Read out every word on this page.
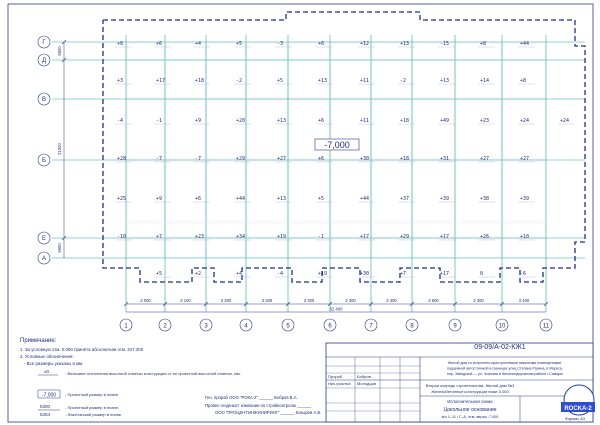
+8	+6	+4	+5	-3	+6	+12	+13	-15	+8	+44
+3	+17	+18	-2	+5	+13	+11	-2	+13	+14	+8
-4	-1	+9	+20	+13	+6	+11	+18	+49	+23	+24	+24
+28	-7	-7	+29	+27	+6	+30	+18	+31	+27	+27
+25	+9	+6	+44	+13	+5	+44	+37	+39	+38	+39
-10	+7	+23	+34	+19	-1	+17	+29	+17	+26	+10
+5	+2	+4	-4	+19	+30	+7	+17	0	-6
1	2	3	4	5	6	7	8	9	10	11
Г
Д
В
Б
Е
А
2 000	3 100	3 300	3 300	3 300	3 300	3 300	3 600	3 300	3 400
32 400
5800
21000
5900
-7,000
Примечание:
1. За условную отм. 0.000 принята абсолютная отм. 247.200
2. Условные обозначения:
- Все размеры указаны в мм.
±0	- Величина отклонения высотной отметки конструкции от ее проектной высотной отметки, мм.
-7,000 - Проектный размер в плане.
5300
5304
- Проектный размер в плане.
- Фактический размер в плане.
Ген. прораб ООО "РОКА-2" ______ Бобров В.А.
Провел геодезист компании по стройконтролю ______
ООО "ПРОЦЕНТИНЖИНИРИНГ" ______ Козырев А.В.
09-09/А-02-КЖ1
Жилой дом со встроенно-пристроенными нежилыми помещениями,
подземной автостоянкой в границах улиц Степана Разина, К.Маркса,
пер. Заводской — ул. Чкалова в Железнодорожном районе г.Самары
Вторая очередь строительства. Жилой дом №3
Железобетонные конструкции ниже 0.000
Исполнительная схема
Цокольное основание
в/о 1–11 / Г–А, отм. верха -7,000
Прораб	Бобров
Нач.участка Молодцов
ROCKA-2
Формат А3
